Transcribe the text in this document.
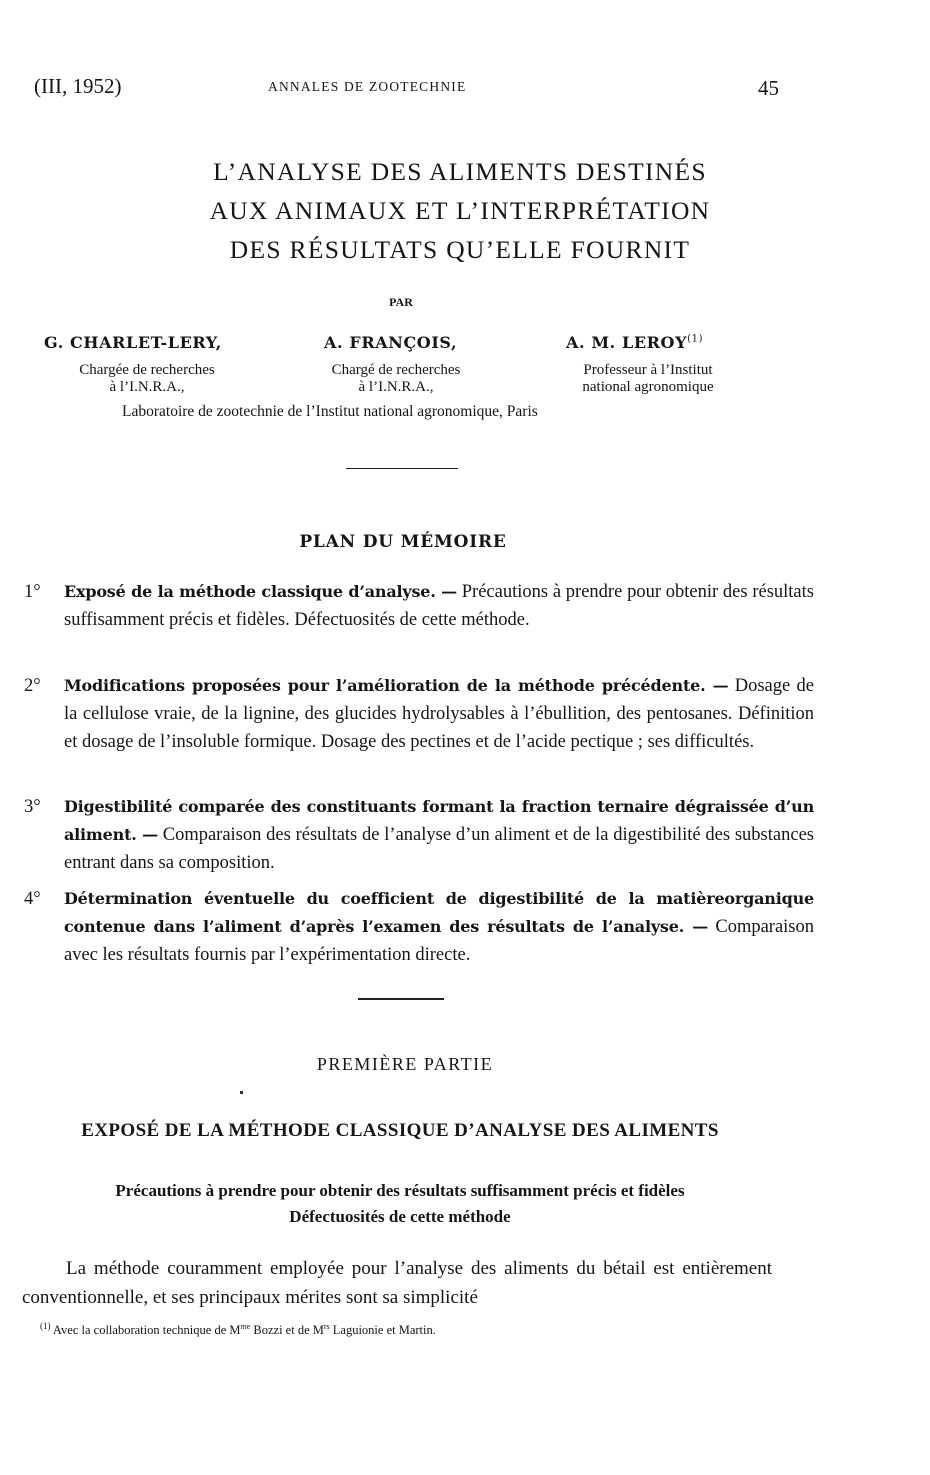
(III, 1952)	ANNALES DE ZOOTECHNIE	45
L’ANALYSE DES ALIMENTS DESTINÉS
AUX ANIMAUX ET L’INTERPRÉTATION
DES RÉSULTATS QU’ELLE FOURNIT
PAR
G. CHARLET-LERY,	A. FRANÇOIS,	A. M. LEROY$^{(1)}$
Chargée de recherches
à l’I.N.R.A.,
Chargé de recherches
à l’I.N.R.A.,
Professeur à l’Institut
national agronomique
Laboratoire de zootechnie de l’Institut national agronomique, Paris
PLAN DU MÉMOIRE
1°	Exposé de la méthode classique d’analyse. — Précautions à prendre pour obtenir des résultats suffisamment précis et fidèles. Défectuosités de cette méthode.
2°	Modifications proposées pour l’amélioration de la méthode précédente. — Dosage de la cellulose vraie, de la lignine, des glucides hydrolysables à l’ébullition, des pentosanes. Définition et dosage de l’insoluble formique. Dosage des pectines et de l’acide pectique ; ses difficultés.
3°	Digestibilité comparée des constituants formant la fraction ternaire dégraissée d’un aliment. — Comparaison des résultats de l’analyse d’un aliment et de la digestibilité des substances entrant dans sa composition.
4°	Détermination éventuelle du coefficient de digestibilité de la matièreorganique contenue dans l’aliment d’après l’examen des résultats de l’analyse. — Comparaison avec les résultats fournis par l’expérimentation directe.
PREMIÈRE PARTIE
EXPOSÉ DE LA MÉTHODE CLASSIQUE D’ANALYSE DES ALIMENTS
Précautions à prendre pour obtenir des résultats suffisamment précis et fidèles
Défectuosités de cette méthode
La méthode couramment employée pour l’analyse des aliments du bétail est entièrement conventionnelle, et ses principaux mérites sont sa simplicité
$^{(1)}$ Avec la collaboration technique de $M^{me}$ Bozzi et de $M^{rs}$ Laguionie et Martin.
